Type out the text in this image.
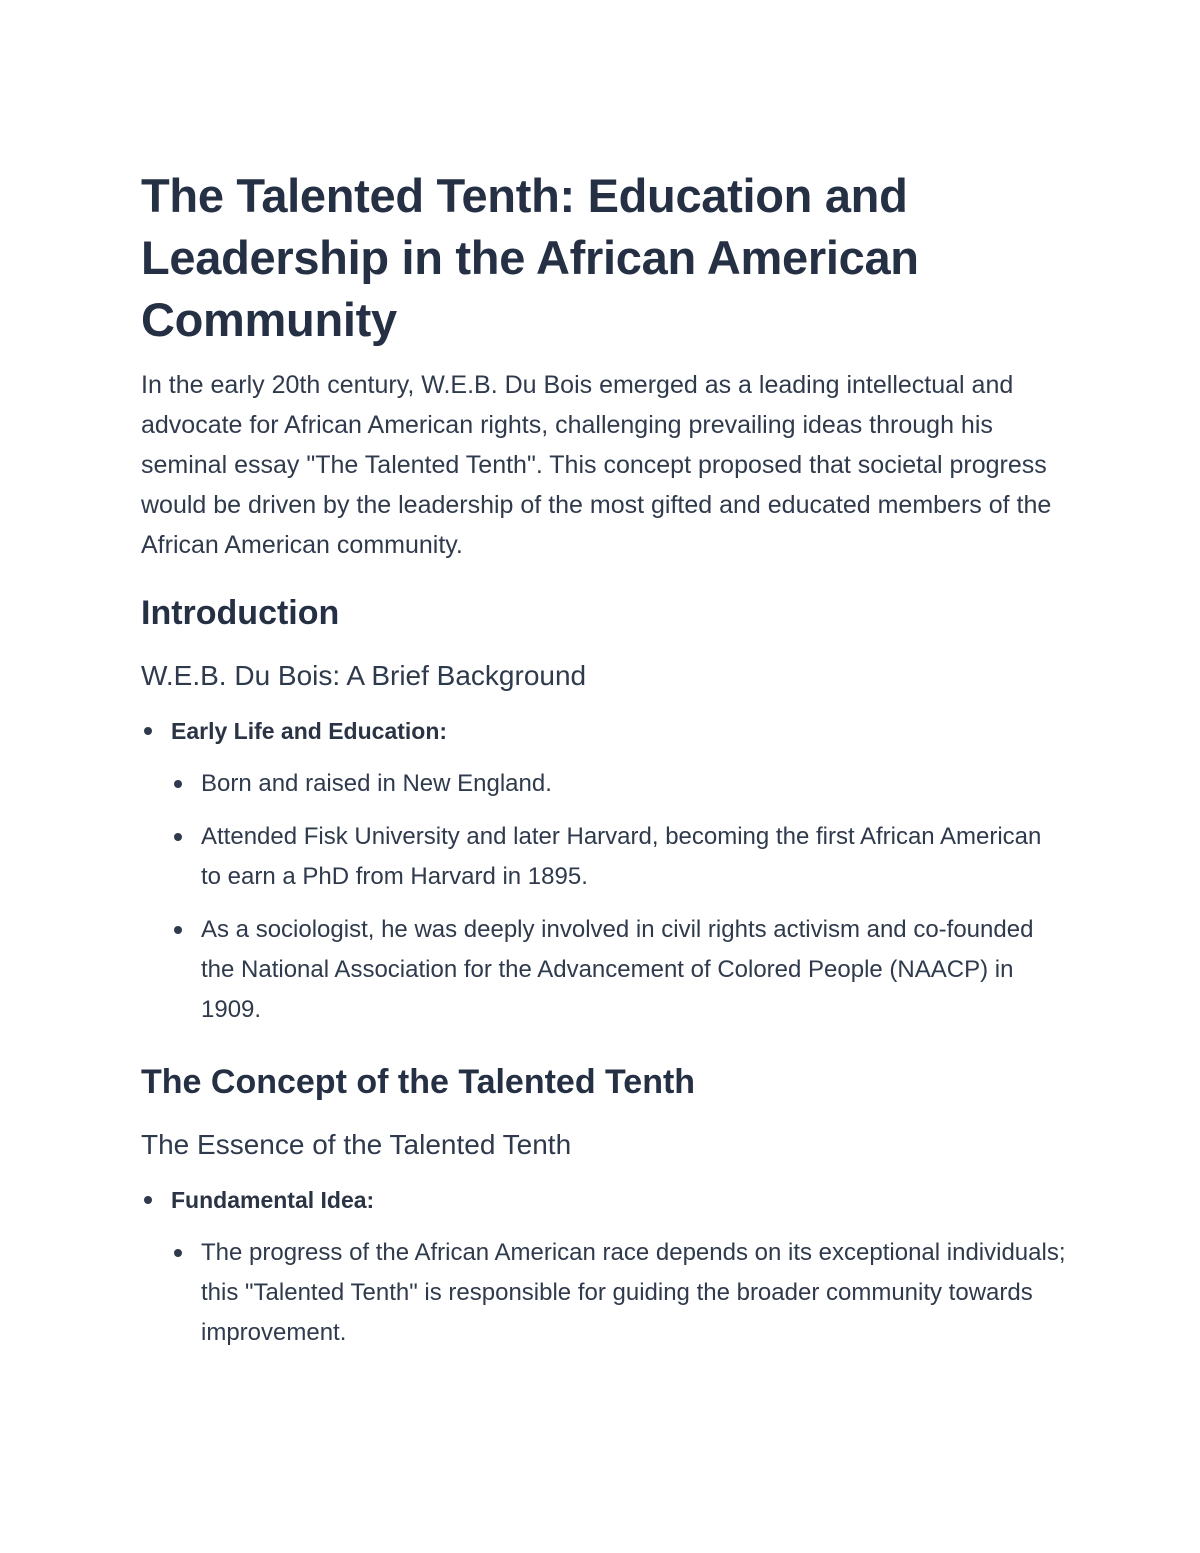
The Talented Tenth: Education and Leadership in the African American Community

In the early 20th century, W.E.B. Du Bois emerged as a leading intellectual and advocate for African American rights, challenging prevailing ideas through his seminal essay "The Talented Tenth". This concept proposed that societal progress would be driven by the leadership of the most gifted and educated members of the African American community.

Introduction
W.E.B. Du Bois: A Brief Background
Early Life and Education:
Born and raised in New England.
Attended Fisk University and later Harvard, becoming the first African American to earn a PhD from Harvard in 1895.
As a sociologist, he was deeply involved in civil rights activism and co-founded the National Association for the Advancement of Colored People (NAACP) in 1909.
The Concept of the Talented Tenth
The Essence of the Talented Tenth
Fundamental Idea:
The progress of the African American race depends on its exceptional individuals; this "Talented Tenth" is responsible for guiding the broader community towards improvement.
